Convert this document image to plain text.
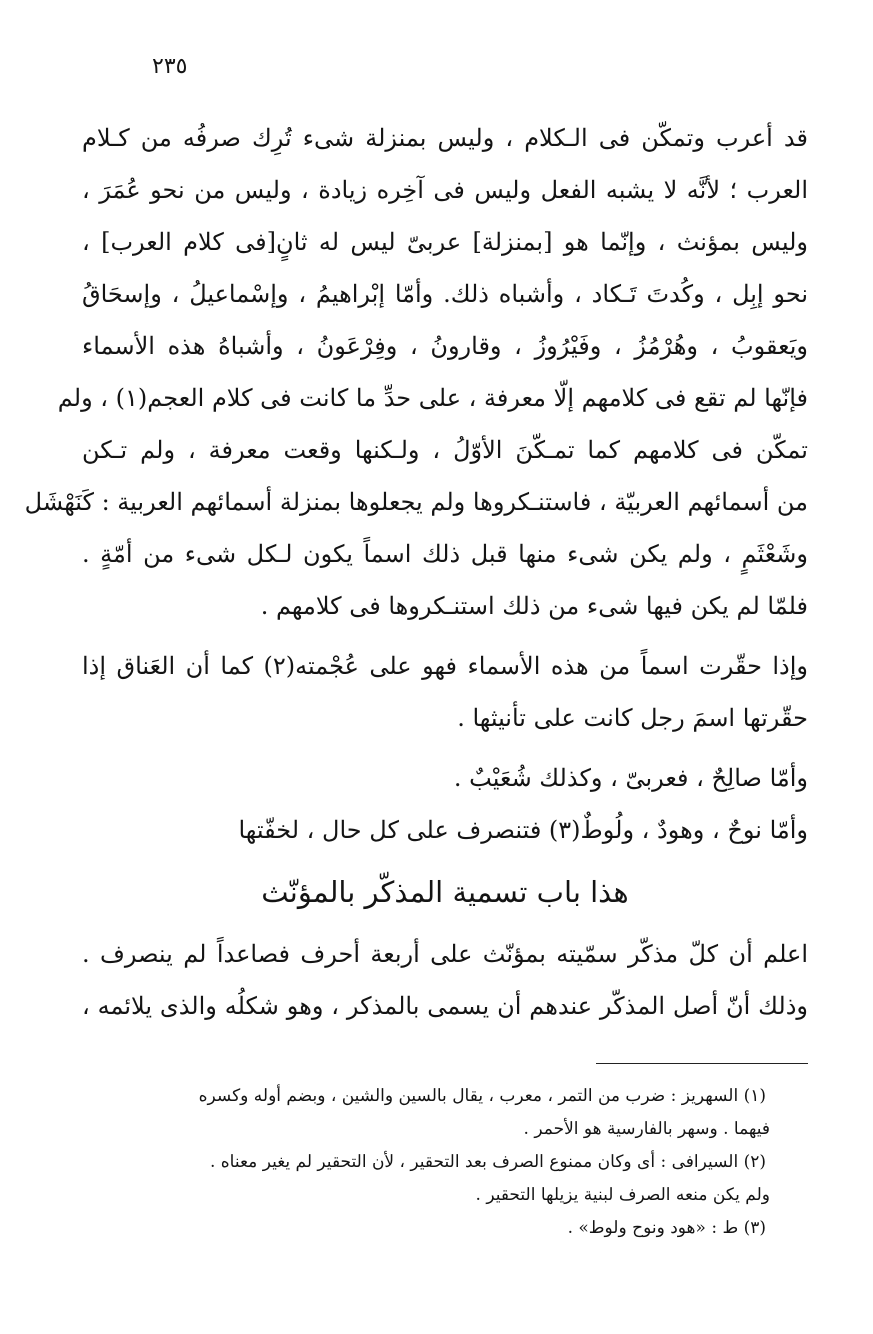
٢٣٥
قد أعرب وتمكّن فى الـكلام ، وليس بمنزلة شىء تُرِك صرفُه من كـلام
العرب ؛ لأنَّه لا يشبه الفعل وليس فى آخِره زيادة ، وليس من نحو عُمَرَ ،
وليس بمؤنث ، وإنّما هو [بمنزلة] عربىّ ليس له ثانٍ[فى كلام العرب] ،
نحو إبِل ، وكُدتَ تَـكاد ، وأشباه ذلك. وأمّا إبْراهيمُ ، وإسْماعيلُ ، وإسحَاقُ
ويَعقوبُ ، وهُرْمُزُ ، وفَيْرُوزُ ، وقارونُ ، وفِرْعَونُ ، وأشباهُ هذه الأسماء
فإنّها لم تقع فى كلامهم إلّا معرفة ، على حدِّ ما كانت فى كلام العجم(١) ، ولم
تمكّن فى كلامهم كما تمـكّنَ الأوّلُ ، ولـكنها وقعت معرفة ، ولم تـكن
من أسمائهم العربيّة ، فاستنـكروها ولم يجعلوها بمنزلة أسمائهم العربية : كَنَهْشَل
وشَعْثَمٍ ، ولم يكن شىء منها قبل ذلك اسماً يكون لـكل شىء من أمّةٍ .
فلمّا لم يكن فيها شىء من ذلك استنـكروها فى كلامهم .
وإذا حقّرت اسماً من هذه الأسماء فهو على عُجْمته(٢) كما أن العَناق إذا
حقّرتها اسمَ رجل كانت على تأنيثها .
وأمّا صالِحٌ ، فعربىّ ، وكذلك شُعَيْبٌ .
وأمّا نوحٌ ، وهودٌ ، ولُوطٌ(٣) فتنصرف على كل حال ، لخفّتها
هذا باب تسمية المذكّر بالمؤنّث
اعلم أن كلّ مذكّر سمّيته بمؤنّث على أربعة أحرف فصاعداً لم ينصرف .
وذلك أنّ أصل المذكّر عندهم أن يسمى بالمذكر ، وهو شكلُه والذى يلائمه ،
(١) السهريز : ضرب من التمر ، معرب ، يقال بالسين والشين ، وبضم أوله وكسره
فيهما . وسهر بالفارسية هو الأحمر .
(٢) السيرافى : أى وكان ممنوع الصرف بعد التحقير ، لأن التحقير لم يغير معناه .
ولم يكن منعه الصرف لبنية يزيلها التحقير .
(٣) ط : «هود ونوح ولوط» .
